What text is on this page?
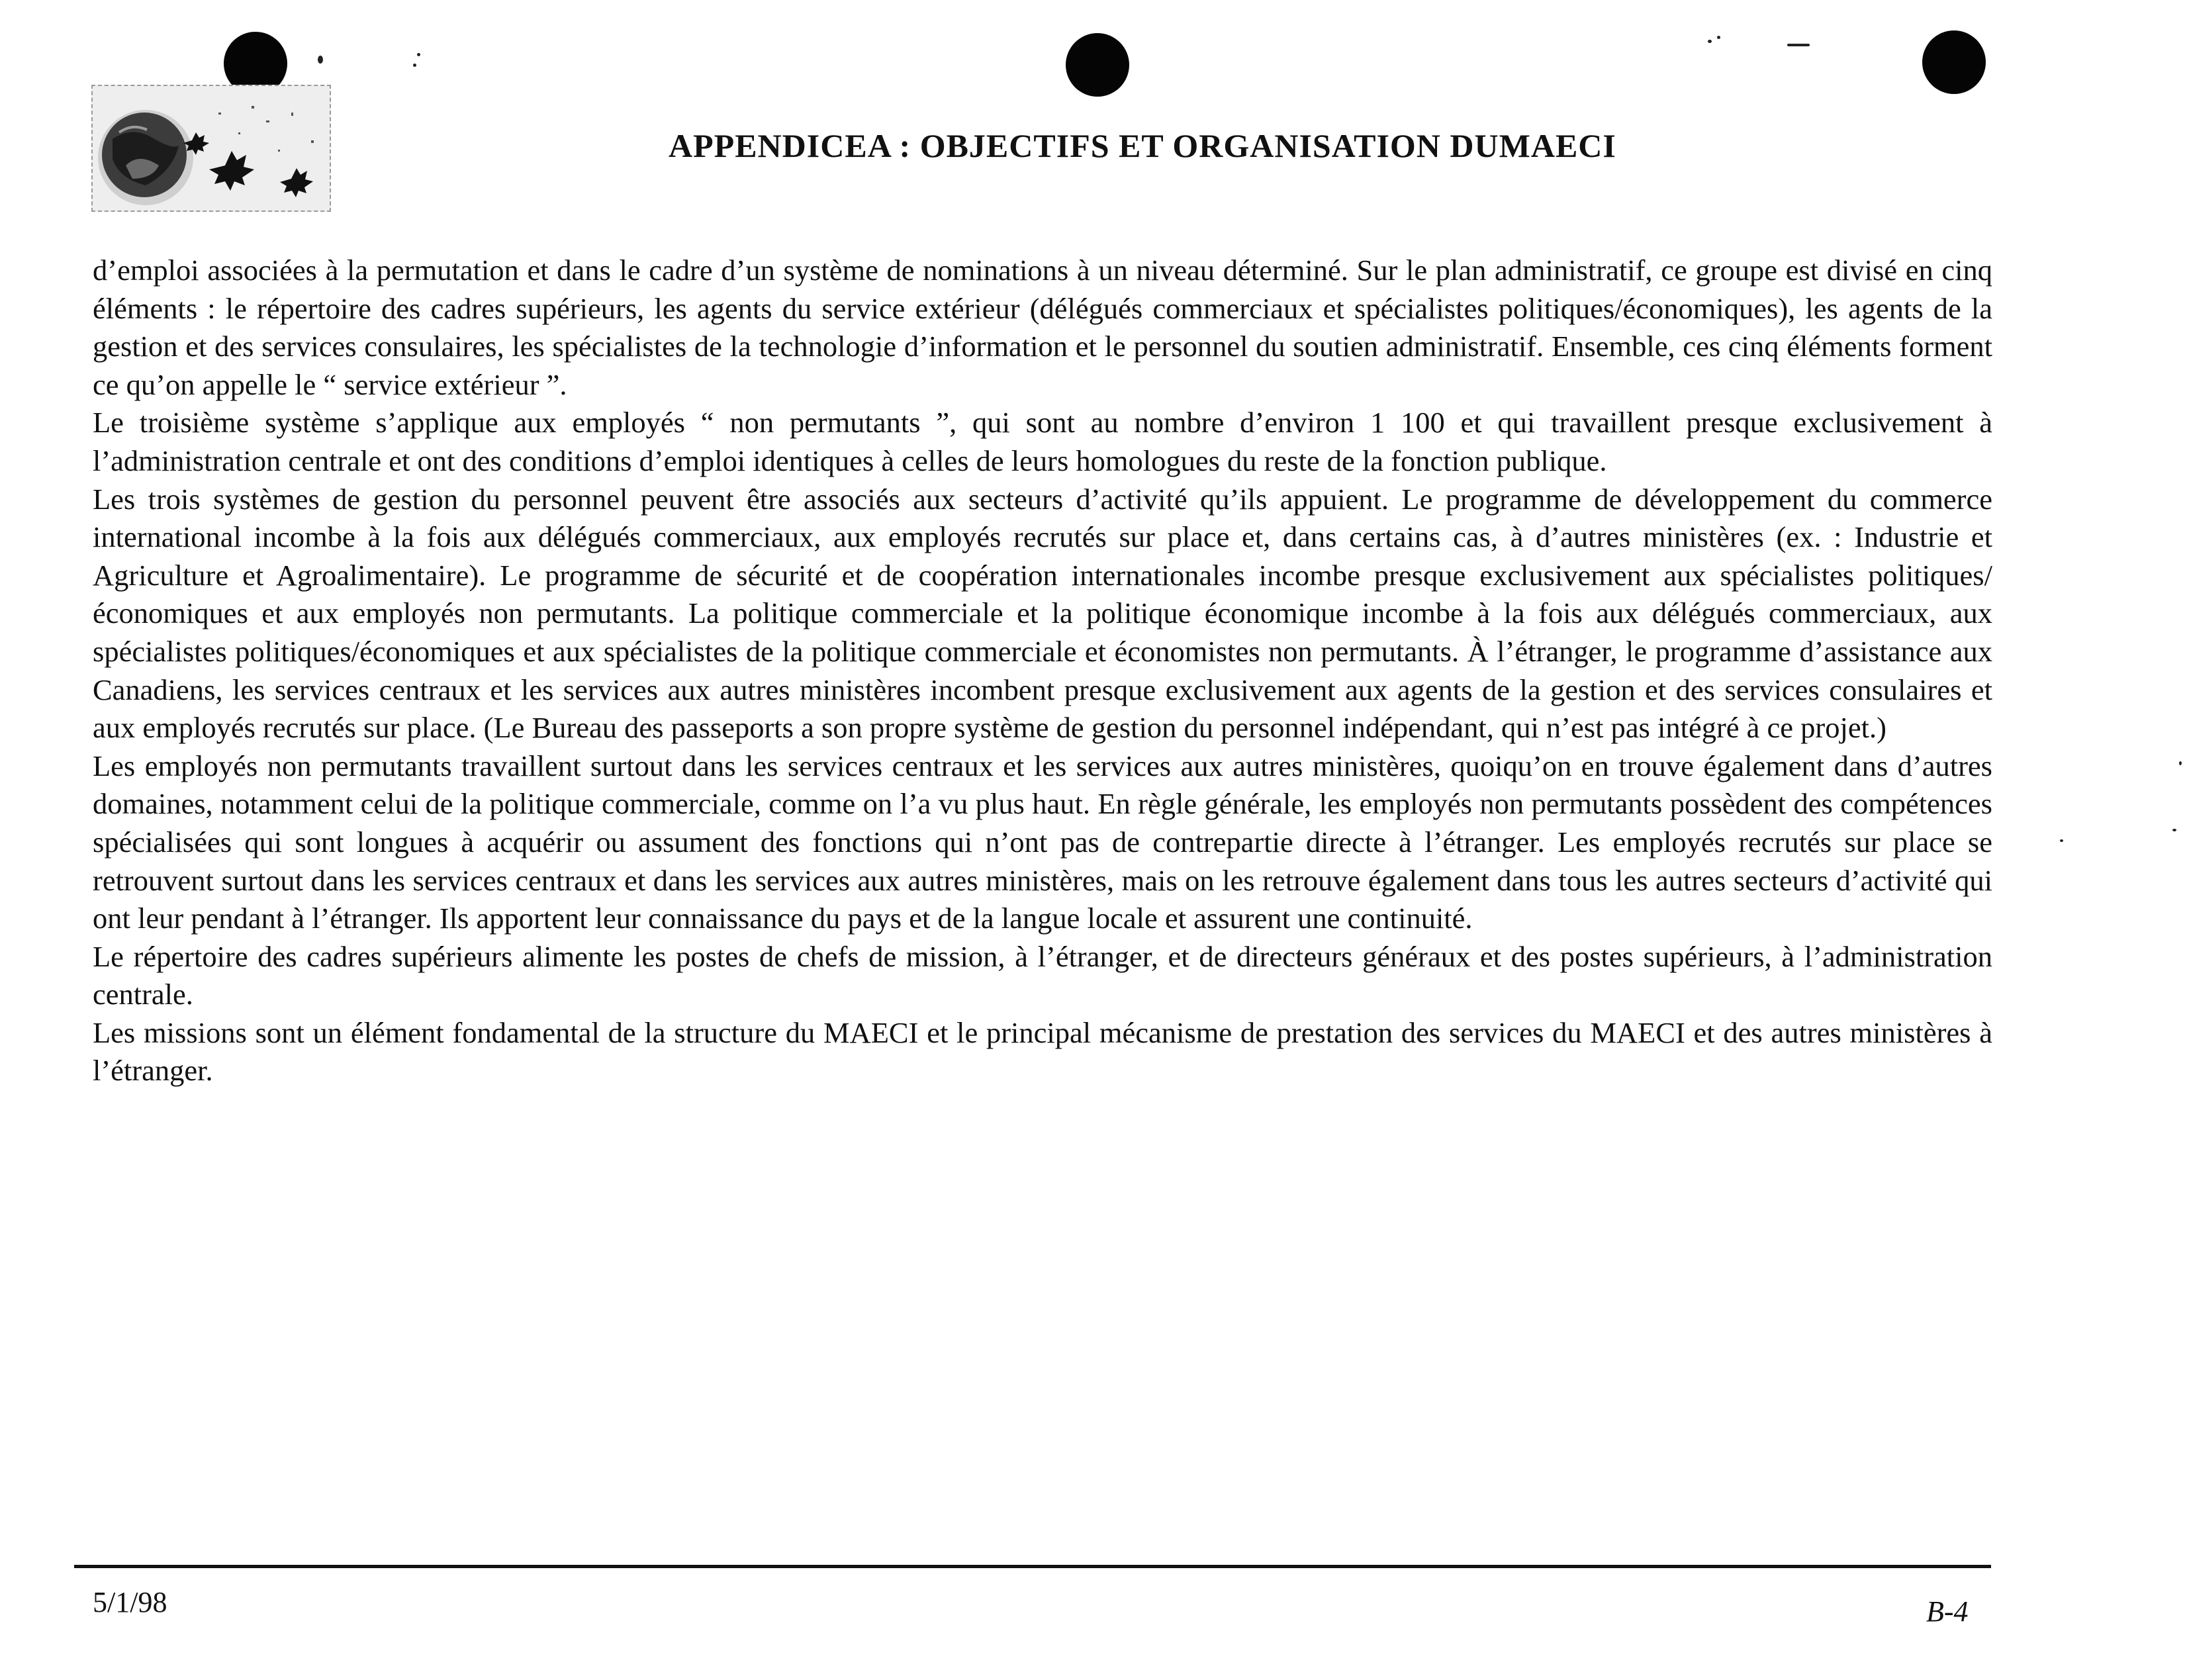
APPENDICEA : OBJECTIFS ET ORGANISATION DUMAECI

d’emploi associées à la permutation et dans le cadre d’un système de nominations à un niveau déterminé. Sur le plan administratif, ce groupe est divisé en cinq éléments : le répertoire des cadres supérieurs, les agents du service extérieur (délégués commerciaux et spécialistes politiques/économiques), les agents de la gestion et des services consulaires, les spécialistes de la technologie d’information et le personnel du soutien administratif. Ensemble, ces cinq éléments forment ce qu’on appelle le “ service extérieur ”.

Le troisième système s’applique aux employés “ non permutants ”, qui sont au nombre d’environ 1 100 et qui travaillent presque exclusivement à l’administration centrale et ont des conditions d’emploi identiques à celles de leurs homologues du reste de la fonction publique.

Les trois systèmes de gestion du personnel peuvent être associés aux secteurs d’activité qu’ils appuient. Le programme de développement du commerce international incombe à la fois aux délégués commerciaux, aux employés recrutés sur place et, dans certains cas, à d’autres ministères (ex. : Industrie et Agriculture et Agroalimentaire). Le programme de sécurité et de coopération internationales incombe presque exclusivement aux spécialistes politiques/économiques et aux employés non permutants. La politique commerciale et la politique économique incombe à la fois aux délégués commerciaux, aux spécialistes politiques/économiques et aux spécialistes de la politique commerciale et économistes non permutants. À l’étranger, le programme d’assistance aux Canadiens, les services centraux et les services aux autres ministères incombent presque exclusivement aux agents de la gestion et des services consulaires et aux employés recrutés sur place. (Le Bureau des passeports a son propre système de gestion du personnel indépendant, qui n’est pas intégré à ce projet.)

Les employés non permutants travaillent surtout dans les services centraux et les services aux autres ministères, quoiqu’on en trouve également dans d’autres domaines, notamment celui de la politique commerciale, comme on l’a vu plus haut. En règle générale, les employés non permutants possèdent des compétences spécialisées qui sont longues à acquérir ou assument des fonctions qui n’ont pas de contrepartie directe à l’étranger. Les employés recrutés sur place se retrouvent surtout dans les services centraux et dans les services aux autres ministères, mais on les retrouve également dans tous les autres secteurs d’activité qui ont leur pendant à l’étranger. Ils apportent leur connaissance du pays et de la langue locale et assurent une continuité.

Le répertoire des cadres supérieurs alimente les postes de chefs de mission, à l’étranger, et de directeurs généraux et des postes supérieurs, à l’administration centrale.

Les missions sont un élément fondamental de la structure du MAECI et le principal mécanisme de prestation des services du MAECI et des autres ministères à l’étranger.

5/1/98	B-4
